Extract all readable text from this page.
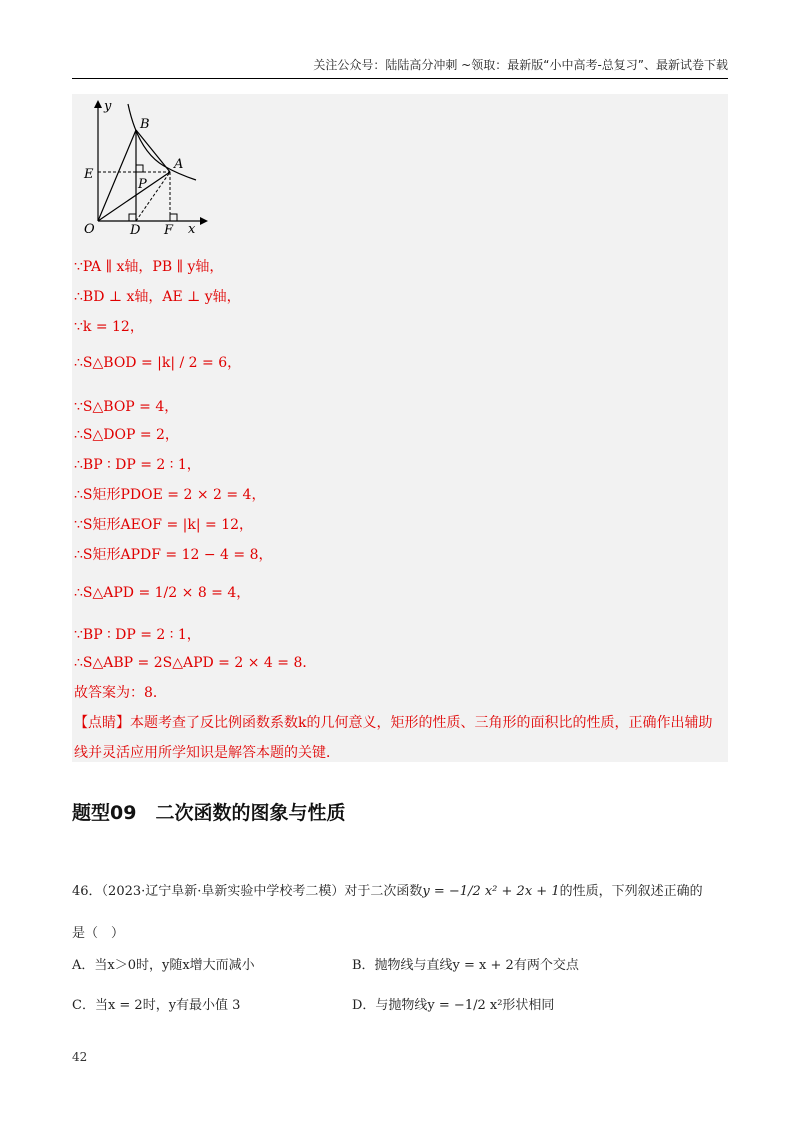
关注公众号：陆陆高分冲刺 ~领取：最新版“小中高考-总复习”、最新试卷下载
y
B
A
E
P
O	D F x
∵PA ∥ x轴，PB ∥ y轴，
∴BD ⊥ x轴，AE ⊥ y轴，
∵k = 12，
∴S△BOD = |k| / 2 = 6，
∵S△BOP = 4，
∴S△DOP = 2，
∴BP ∶ DP = 2 ∶ 1，
∴S矩形PDOE = 2 × 2 = 4，
∵S矩形AEOF = |k| = 12，
∴S矩形APDF = 12 − 4 = 8，
∴S△APD = 1/2 × 8 = 4，
∵BP ∶ DP = 2 ∶ 1，
∴S△ABP = 2S△APD = 2 × 4 = 8．
故答案为：8．
【点睛】本题考查了反比例函数系数k的几何意义，矩形的性质、三角形的面积比的性质，正确作出辅助
线并灵活应用所学知识是解答本题的关键．
题型09　二次函数的图象与性质
46．（2023·辽宁阜新·阜新实验中学校考二模）对于二次函数y = −1/2 x² + 2x + 1的性质，下列叙述正确的
是（　）
A．当x＞0时，y随x增大而减小	B．抛物线与直线y = x + 2有两个交点
C．当x = 2时，y有最小值 3	D．与抛物线y = −1/2 x²形状相同
42
